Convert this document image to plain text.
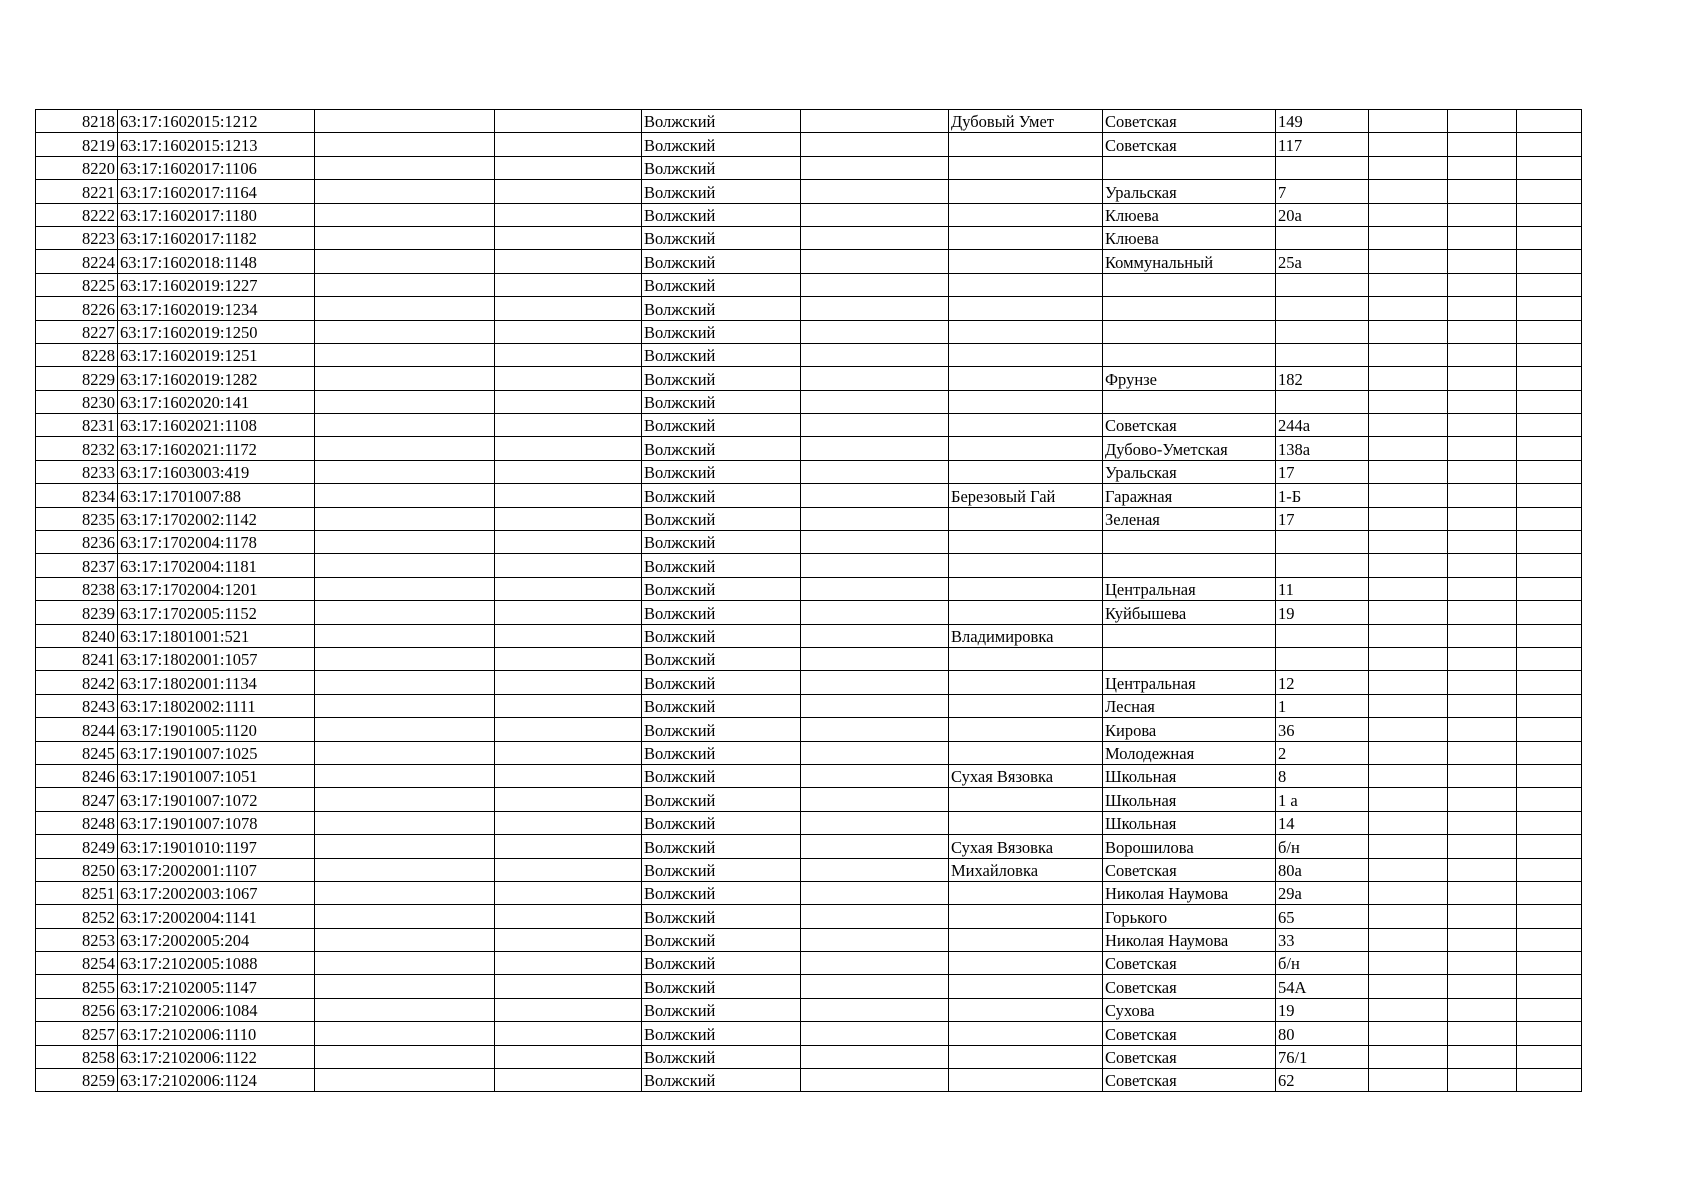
8218	63:17:1602015:1212			Волжский		Дубовый Умет	Советская	149			
8219	63:17:1602015:1213			Волжский			Советская	117			
8220	63:17:1602017:1106			Волжский							
8221	63:17:1602017:1164			Волжский			Уральская	7			
8222	63:17:1602017:1180			Волжский			Клюева	20а			
8223	63:17:1602017:1182			Волжский			Клюева				
8224	63:17:1602018:1148			Волжский			Коммунальный	25а			
8225	63:17:1602019:1227			Волжский							
8226	63:17:1602019:1234			Волжский							
8227	63:17:1602019:1250			Волжский							
8228	63:17:1602019:1251			Волжский							
8229	63:17:1602019:1282			Волжский			Фрунзе	182			
8230	63:17:1602020:141			Волжский							
8231	63:17:1602021:1108			Волжский			Советская	244а			
8232	63:17:1602021:1172			Волжский			Дубово-Уметская	138а			
8233	63:17:1603003:419			Волжский			Уральская	17			
8234	63:17:1701007:88			Волжский		Березовый Гай	Гаражная	1-Б			
8235	63:17:1702002:1142			Волжский			Зеленая	17			
8236	63:17:1702004:1178			Волжский							
8237	63:17:1702004:1181			Волжский							
8238	63:17:1702004:1201			Волжский			Центральная	11			
8239	63:17:1702005:1152			Волжский			Куйбышева	19			
8240	63:17:1801001:521			Волжский		Владимировка					
8241	63:17:1802001:1057			Волжский							
8242	63:17:1802001:1134			Волжский			Центральная	12			
8243	63:17:1802002:1111			Волжский			Лесная	1			
8244	63:17:1901005:1120			Волжский			Кирова	36			
8245	63:17:1901007:1025			Волжский			Молодежная	2			
8246	63:17:1901007:1051			Волжский		Сухая Вязовка	Школьная	8			
8247	63:17:1901007:1072			Волжский			Школьная	1 а			
8248	63:17:1901007:1078			Волжский			Школьная	14			
8249	63:17:1901010:1197			Волжский		Сухая Вязовка	Ворошилова	б/н			
8250	63:17:2002001:1107			Волжский		Михайловка	Советская	80а			
8251	63:17:2002003:1067			Волжский			Николая Наумова	29а			
8252	63:17:2002004:1141			Волжский			Горького	65			
8253	63:17:2002005:204			Волжский			Николая Наумова	33			
8254	63:17:2102005:1088			Волжский			Советская	б/н			
8255	63:17:2102005:1147			Волжский			Советская	54А			
8256	63:17:2102006:1084			Волжский			Сухова	19			
8257	63:17:2102006:1110			Волжский			Советская	80			
8258	63:17:2102006:1122			Волжский			Советская	76/1			
8259	63:17:2102006:1124			Волжский			Советская	62			
